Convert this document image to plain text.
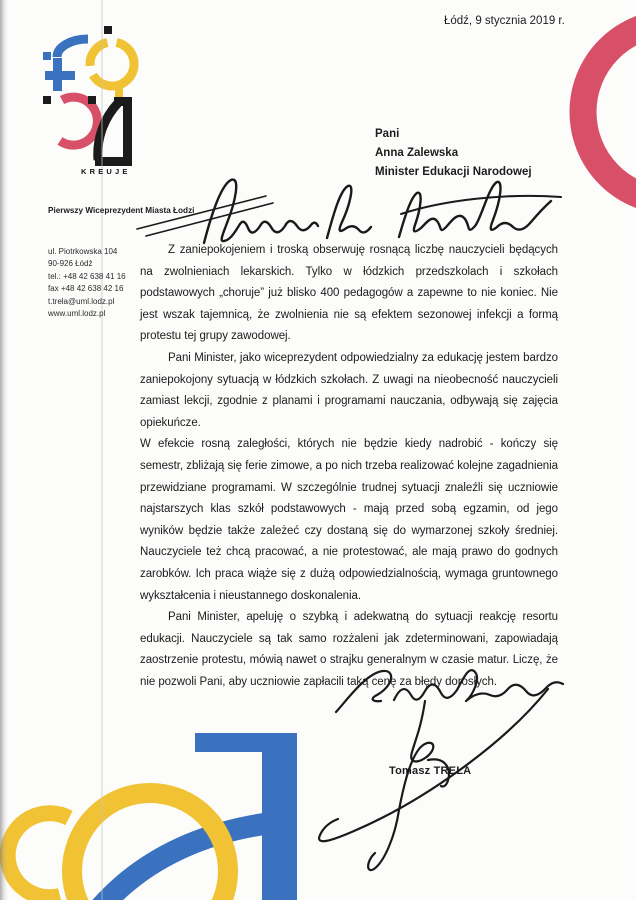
Łódź, 9 stycznia 2019 r.
Pierwszy Wiceprezydent Miasta Łodzi
ul. Piotrkowska 104
90-926 Łódź
tel.: +48 42 638 41 16
fax +48 42 638 42 16
t.trela@uml.lodz.pl
www.uml.lodz.pl
KREUJE
Pani
Anna Zalewska
Minister Edukacji Narodowej

Z zaniepokojeniem i troską obserwuję rosnącą liczbę nauczycieli będących na zwolnieniach lekarskich. Tylko w łódzkich przedszkolach i szkołach podstawowych „choruje” już blisko 400 pedagogów a zapewne to nie koniec. Nie jest wszak tajemnicą, że zwolnienia nie są efektem sezonowej infekcji a formą protestu tej grupy zawodowej.

Pani Minister, jako wiceprezydent odpowiedzialny za edukację jestem bardzo zaniepokojony sytuacją w łódzkich szkołach. Z uwagi na nieobecność nauczycieli zamiast lekcji, zgodnie z planami i programami nauczania, odbywają się zajęcia opiekuńcze.

W efekcie rosną zaległości, których nie będzie kiedy nadrobić - kończy się semestr, zbliżają się ferie zimowe, a po nich trzeba realizować kolejne zagadnienia przewidziane programami. W szczególnie trudnej sytuacji znaleźli się uczniowie najstarszych klas szkół podstawowych - mają przed sobą egzamin, od jego wyników będzie także zależeć czy dostaną się do wymarzonej szkoły średniej. Nauczyciele też chcą pracować, a nie protestować, ale mają prawo do godnych zarobków. Ich praca wiąże się z dużą odpowiedzialnością, wymaga gruntownego wykształcenia i nieustannego doskonalenia.

Pani Minister, apeluję o szybką i adekwatną do sytuacji reakcję resortu edukacji. Nauczyciele są tak samo rozżaleni jak zdeterminowani, zapowiadają zaostrzenie protestu, mówią nawet o strajku generalnym w czasie matur. Liczę, że nie pozwoli Pani, aby uczniowie zapłacili taką cenę za błędy dorosłych.

Tomasz TRELA
